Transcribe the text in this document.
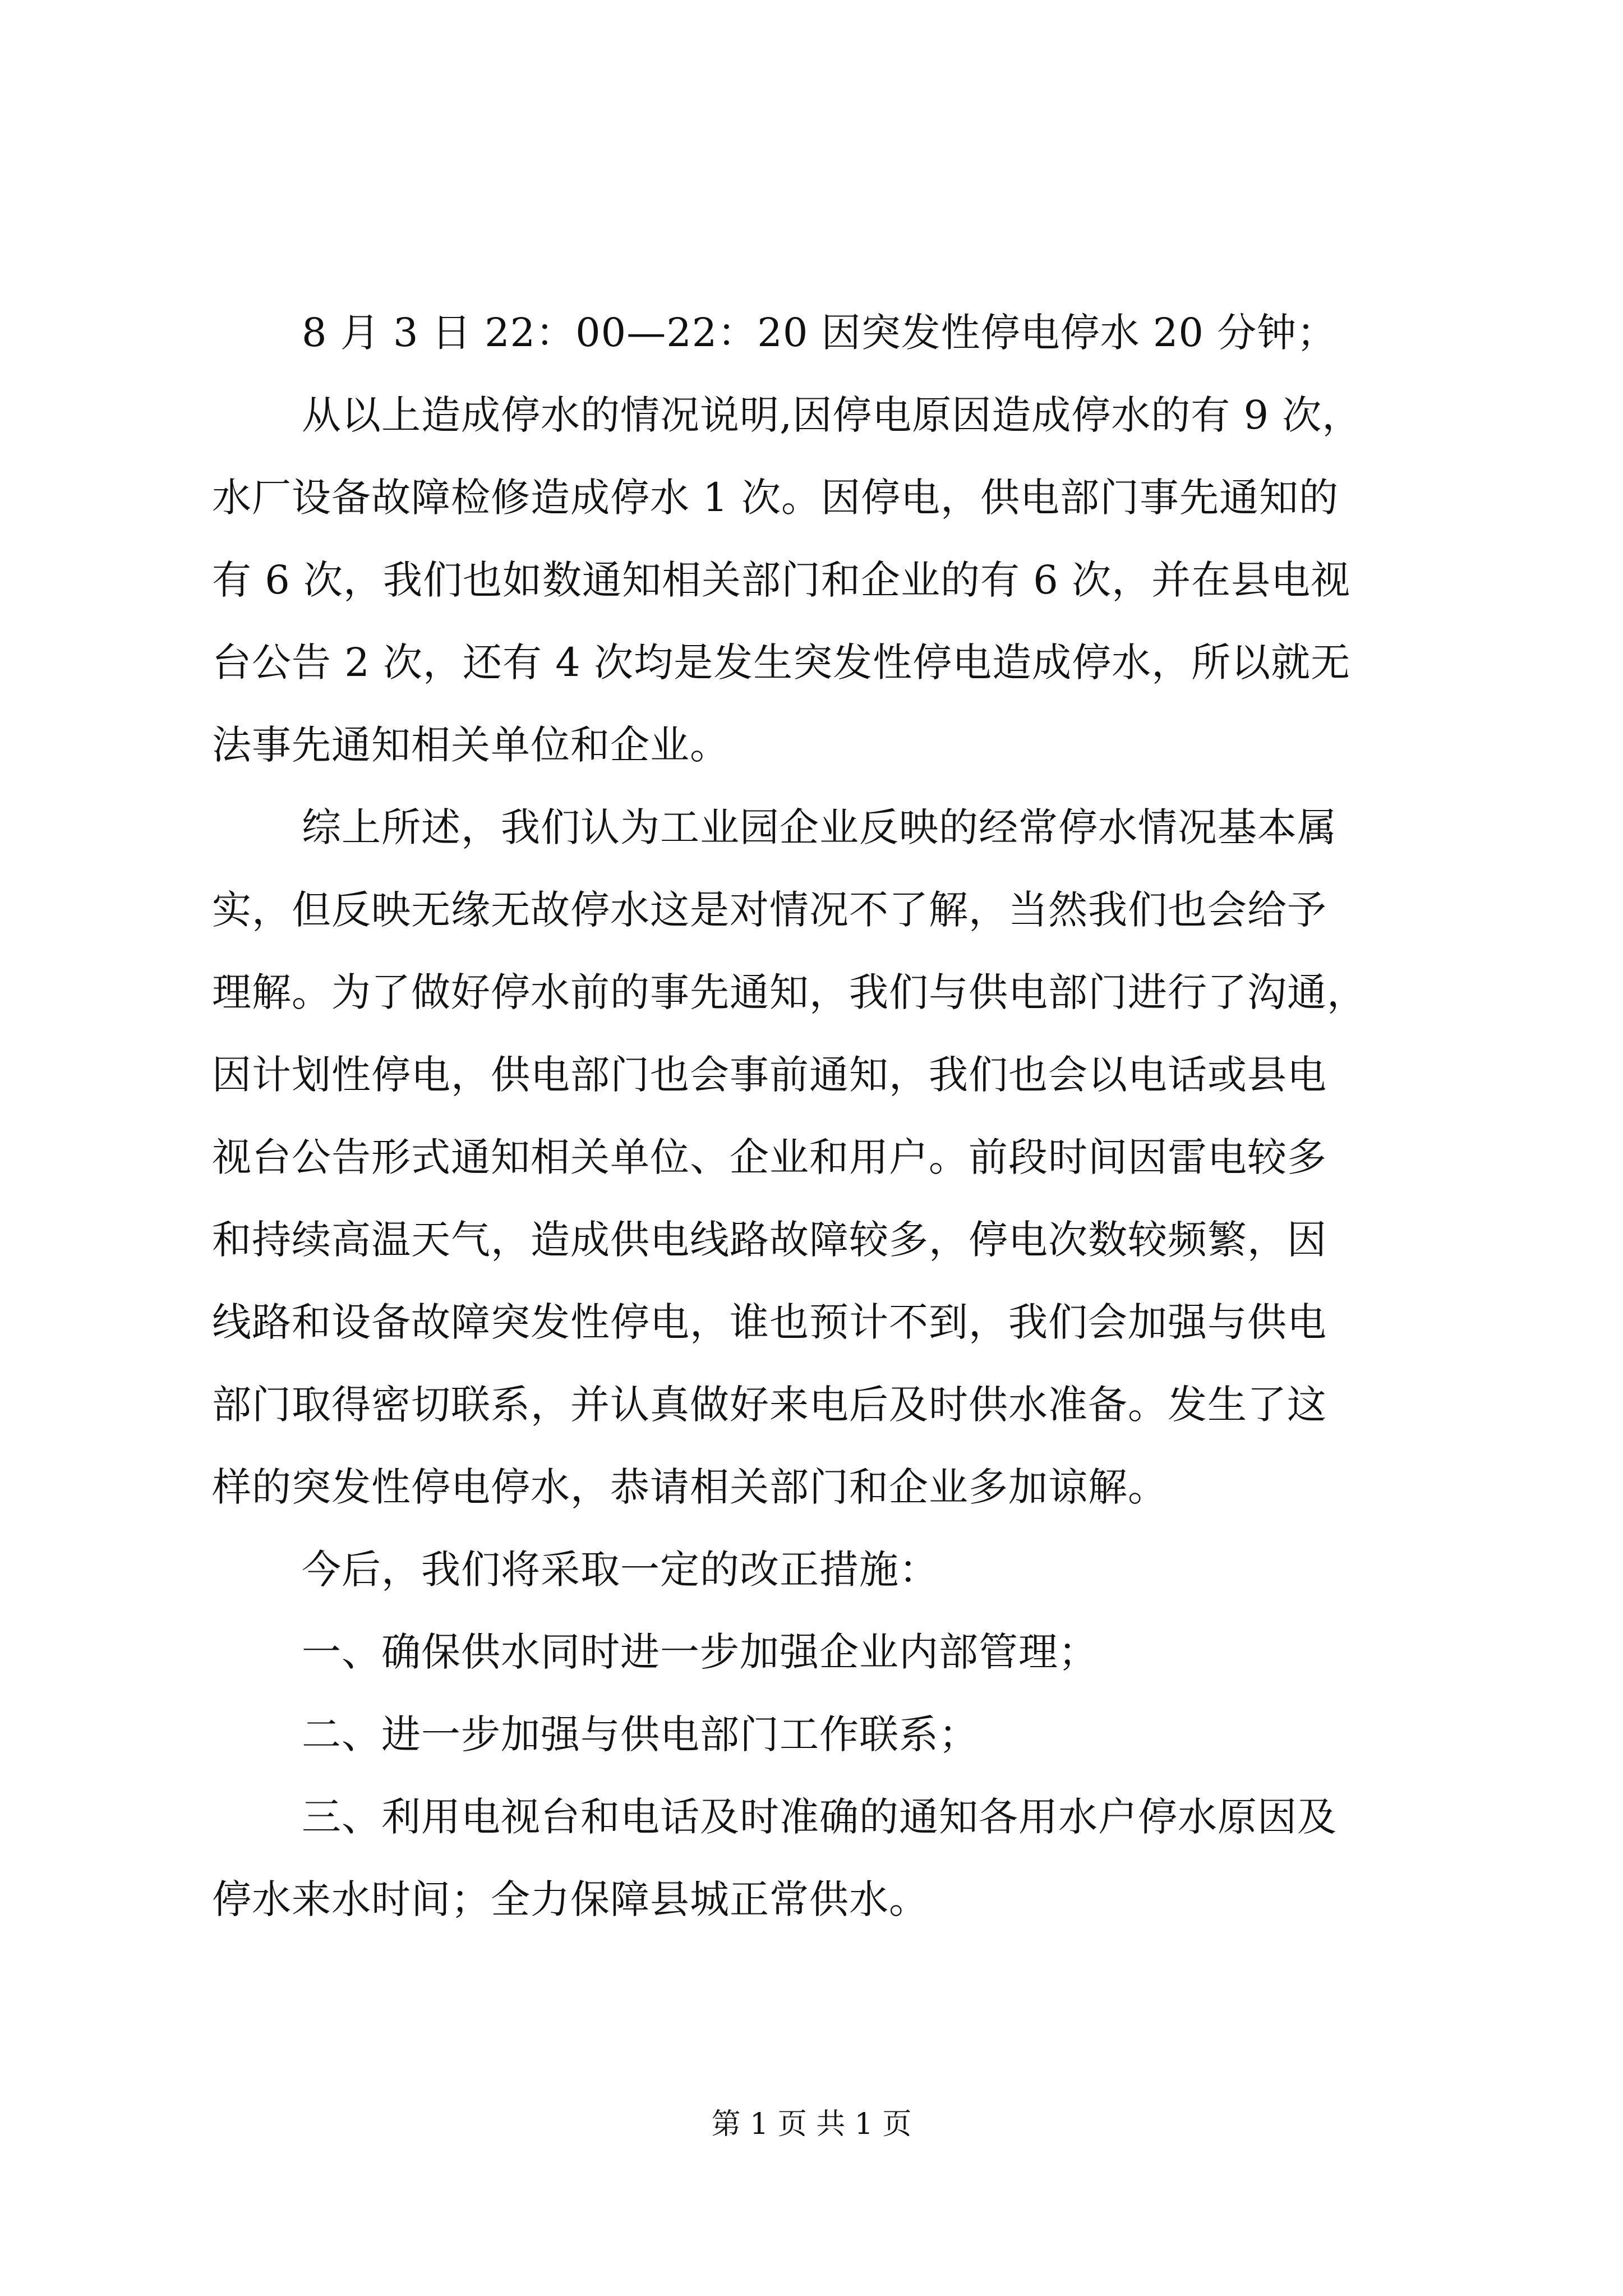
8 月 3 日 22：00—22：20 因突发性停电停水 20 分钟；
从以上造成停水的情况说明,因停电原因造成停水的有 9 次，
水厂设备故障检修造成停水 1 次。因停电，供电部门事先通知的
有 6 次，我们也如数通知相关部门和企业的有 6 次，并在县电视
台公告 2 次，还有 4 次均是发生突发性停电造成停水，所以就无
法事先通知相关单位和企业。
综上所述，我们认为工业园企业反映的经常停水情况基本属
实，但反映无缘无故停水这是对情况不了解，当然我们也会给予
理解。为了做好停水前的事先通知，我们与供电部门进行了沟通，
因计划性停电，供电部门也会事前通知，我们也会以电话或县电
视台公告形式通知相关单位、企业和用户。前段时间因雷电较多
和持续高温天气，造成供电线路故障较多，停电次数较频繁，因
线路和设备故障突发性停电，谁也预计不到，我们会加强与供电
部门取得密切联系，并认真做好来电后及时供水准备。发生了这
样的突发性停电停水，恭请相关部门和企业多加谅解。
今后，我们将采取一定的改正措施：
一、确保供水同时进一步加强企业内部管理；
二、进一步加强与供电部门工作联系；
三、利用电视台和电话及时准确的通知各用水户停水原因及
停水来水时间；全力保障县城正常供水。
第 1 页 共 1 页
